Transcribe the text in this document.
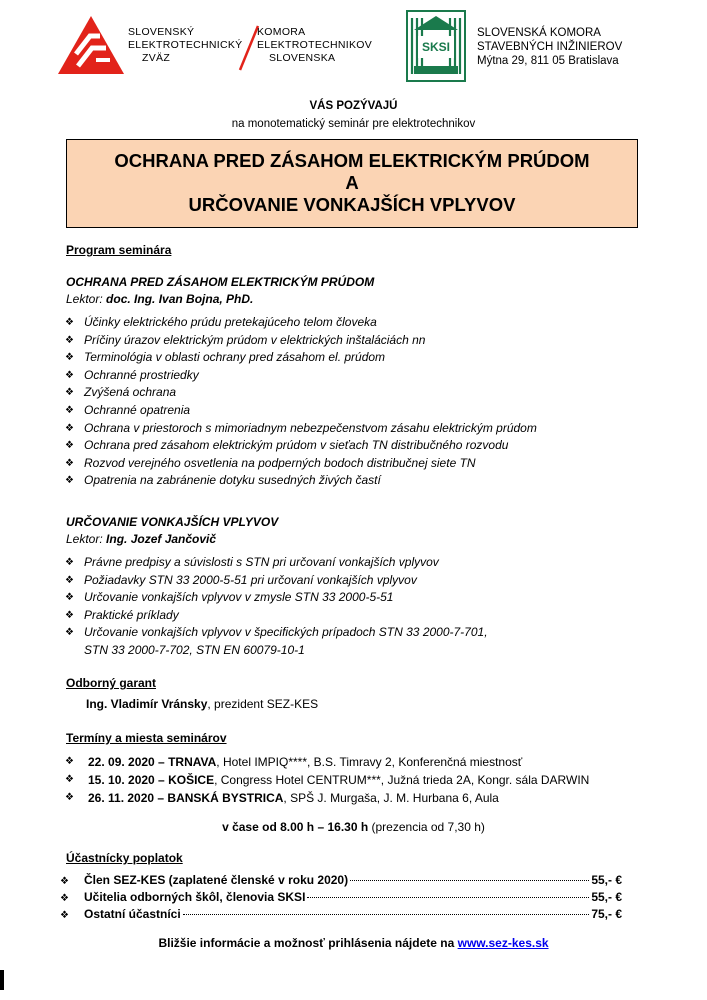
SLOVENSKÝ
ELEKTROTECHNICKÝ
ZVÄZ
KOMORA
ELEKTROTECHNIKOV
SLOVENSKA
SKSI
SLOVENSKÁ KOMORA
STAVEBNÝCH INŽINIEROV
Mýtna 29, 811 05 Bratislava
VÁS POZÝVAJÚ
na monotematický seminár pre elektrotechnikov
OCHRANA PRED ZÁSAHOM ELEKTRICKÝM PRÚDOM
A
URČOVANIE VONKAJŠÍCH VPLYVOV
Program seminára
OCHRANA PRED ZÁSAHOM ELEKTRICKÝM PRÚDOM
Lektor: doc. Ing. Ivan Bojna, PhD.
❖ Účinky elektrického prúdu pretekajúceho telom človeka
❖ Príčiny úrazov elektrickým prúdom v elektrických inštaláciách nn
❖ Terminológia v oblasti ochrany pred zásahom el. prúdom
❖ Ochranné prostriedky
❖ Zvýšená ochrana
❖ Ochranné opatrenia
❖ Ochrana v priestoroch s mimoriadnym nebezpečenstvom zásahu elektrickým prúdom
❖ Ochrana pred zásahom elektrickým prúdom v sieťach TN distribučného rozvodu
❖ Rozvod verejného osvetlenia na podperných bodoch distribučnej siete TN
❖ Opatrenia na zabránenie dotyku susedných živých častí
URČOVANIE VONKAJŠÍCH VPLYVOV
Lektor: Ing. Jozef Jančovič
❖ Právne predpisy a súvislosti s STN pri určovaní vonkajších vplyvov
❖ Požiadavky STN 33 2000-5-51 pri určovaní vonkajších vplyvov
❖ Určovanie vonkajších vplyvov v zmysle STN 33 2000-5-51
❖ Praktické príklady
❖ Určovanie vonkajších vplyvov v špecifických prípadoch STN 33 2000-7-701,
STN 33 2000-7-702, STN EN 60079-10-1
Odborný garant
Ing. Vladimír Vránsky, prezident SEZ-KES
Termíny a miesta seminárov
❖ 22. 09. 2020 – TRNAVA, Hotel IMPIQ****, B.S. Timravy 2, Konferenčná miestnosť
❖ 15. 10. 2020 – KOŠICE, Congress Hotel CENTRUM***, Južná trieda 2A, Kongr. sála DARWIN
❖ 26. 11. 2020 – BANSKÁ BYSTRICA, SPŠ J. Murgaša, J. M. Hurbana 6, Aula
v čase od 8.00 h – 16.30 h (prezencia od 7,30 h)
Účastnícky poplatok
❖ Člen SEZ-KES (zaplatené členské v roku 2020)	55,- €
❖ Učitelia odborných škôl, členovia SKSI	55,- €
❖ Ostatní účastníci	75,- €
Bližšie informácie a možnosť prihlásenia nájdete na www.sez-kes.sk
